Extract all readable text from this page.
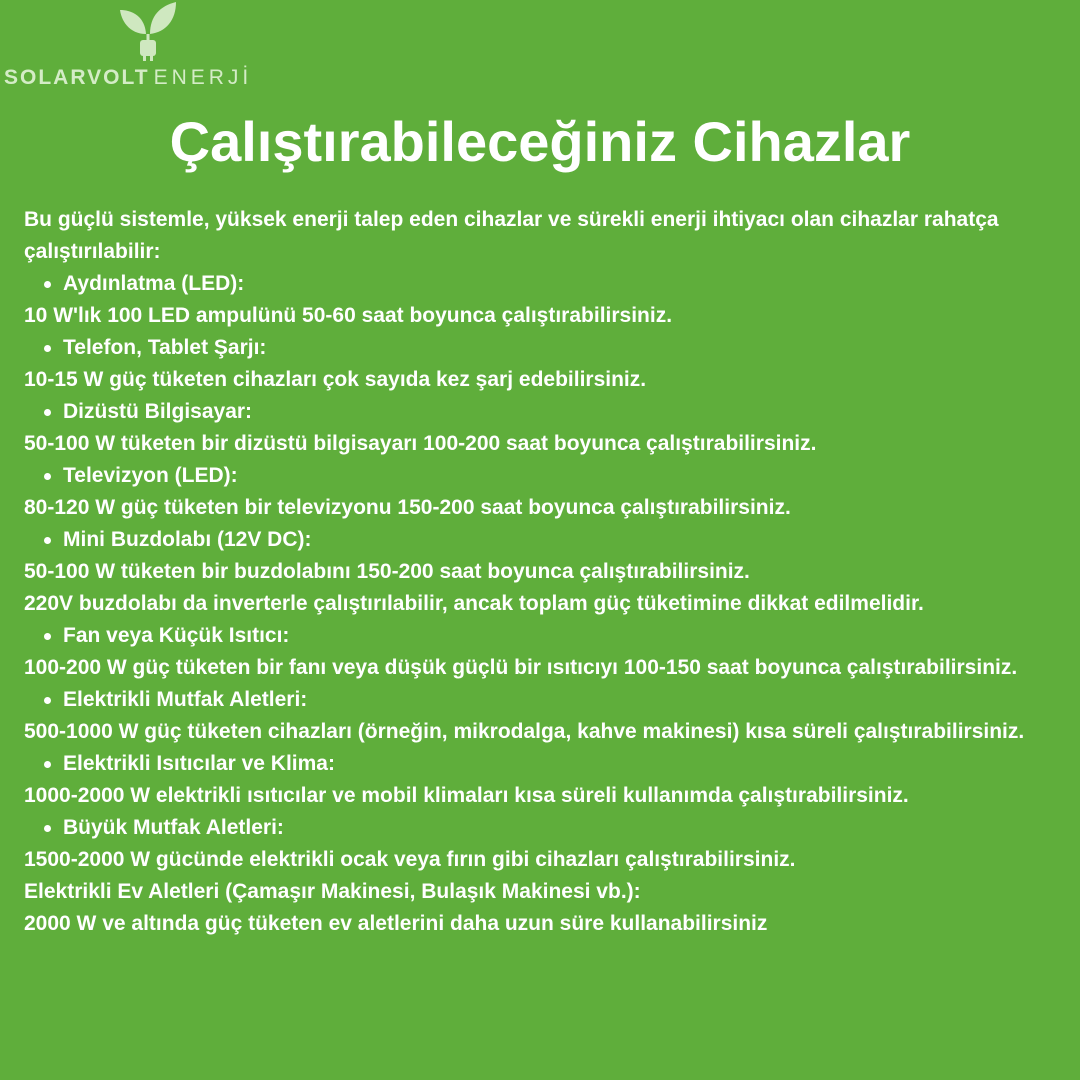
SOLARVOLT ENERJİ
Çalıştırabileceğiniz Cihazlar

Bu güçlü sistemle, yüksek enerji talep eden cihazlar ve sürekli enerji ihtiyacı olan cihazlar rahatça çalıştırılabilir:

Aydınlatma (LED):

10 W'lık 100 LED ampulünü 50-60 saat boyunca çalıştırabilirsiniz.

Telefon, Tablet Şarjı:

10-15 W güç tüketen cihazları çok sayıda kez şarj edebilirsiniz.

Dizüstü Bilgisayar:

50-100 W tüketen bir dizüstü bilgisayarı 100-200 saat boyunca çalıştırabilirsiniz.

Televizyon (LED):

80-120 W güç tüketen bir televizyonu 150-200 saat boyunca çalıştırabilirsiniz.

Mini Buzdolabı (12V DC):

50-100 W tüketen bir buzdolabını 150-200 saat boyunca çalıştırabilirsiniz.

220V buzdolabı da inverterle çalıştırılabilir, ancak toplam güç tüketimine dikkat edilmelidir.

Fan veya Küçük Isıtıcı:

100-200 W güç tüketen bir fanı veya düşük güçlü bir ısıtıcıyı 100-150 saat boyunca çalıştırabilirsiniz.

Elektrikli Mutfak Aletleri:

500-1000 W güç tüketen cihazları (örneğin, mikrodalga, kahve makinesi) kısa süreli çalıştırabilirsiniz.

Elektrikli Isıtıcılar ve Klima:

1000-2000 W elektrikli ısıtıcılar ve mobil klimaları kısa süreli kullanımda çalıştırabilirsiniz.

Büyük Mutfak Aletleri:

1500-2000 W gücünde elektrikli ocak veya fırın gibi cihazları çalıştırabilirsiniz.

Elektrikli Ev Aletleri (Çamaşır Makinesi, Bulaşık Makinesi vb.):

2000 W ve altında güç tüketen ev aletlerini daha uzun süre kullanabilirsiniz
